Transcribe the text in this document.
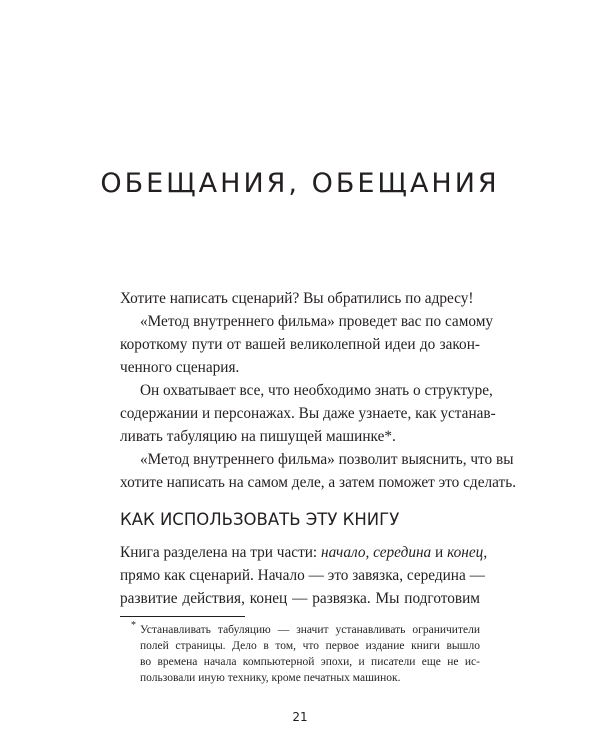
ОБЕЩАНИЯ, ОБЕЩАНИЯ
Хотите написать сценарий? Вы обратились по адресу!
«Метод внутреннего фильма» проведет вас по самому
короткому пути от вашей великолепной идеи до закон-
ченного сценария.
Он охватывает все, что необходимо знать о структуре,
содержании и персонажах. Вы даже узнаете, как устанав-
ливать табуляцию на пишущей машинке*.
«Метод внутреннего фильма» позволит выяснить, что вы
хотите написать на самом деле, а затем поможет это сделать.
КАК ИСПОЛЬЗОВАТЬ ЭТУ КНИГУ
Книга разделена на три части: начало, середина и конец,
прямо как сценарий. Начало — это завязка, середина —
развитие действия, конец — развязка. Мы подготовим
* Устанавливать табуляцию — значит устанавливать ограничители
полей страницы. Дело в том, что первое издание книги вышло
во времена начала компьютерной эпохи, и писатели еще не ис-
пользовали иную технику, кроме печатных машинок.
21
